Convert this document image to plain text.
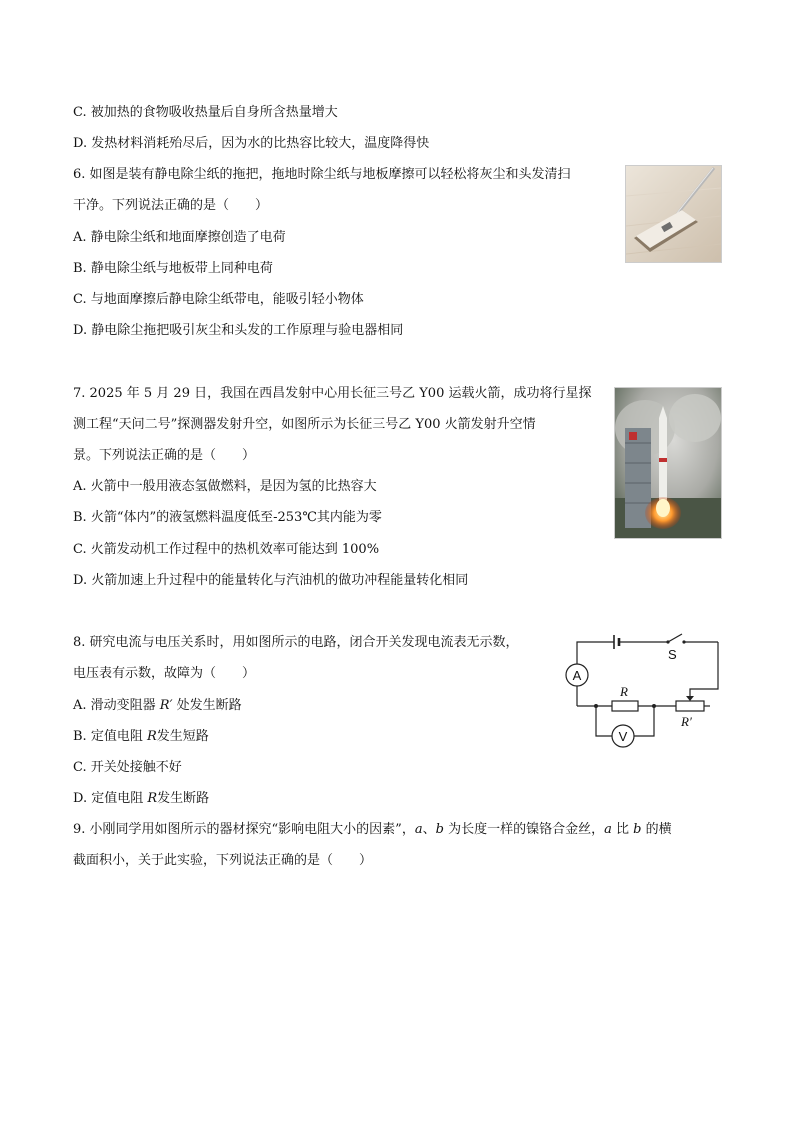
C. 被加热的食物吸收热量后自身所含热量增大
D. 发热材料消耗殆尽后，因为水的比热容比较大，温度降得快
6. 如图是装有静电除尘纸的拖把，拖地时除尘纸与地板摩擦可以轻松将灰尘和头发清扫
干净。下列说法正确的是（　　）
A. 静电除尘纸和地面摩擦创造了电荷
B. 静电除尘纸与地板带上同种电荷
C. 与地面摩擦后静电除尘纸带电，能吸引轻小物体
D. 静电除尘拖把吸引灰尘和头发的工作原理与验电器相同
7. 2025 年 5 月 29 日，我国在西昌发射中心用长征三号乙 Y00 运载火箭，成功将行星探
测工程“天问二号”探测器发射升空，如图所示为长征三号乙 Y00 火箭发射升空情
景。下列说法正确的是（　　）
A. 火箭中一般用液态氢做燃料，是因为氢的比热容大
B. 火箭“体内”的液氢燃料温度低至-253℃其内能为零
C. 火箭发动机工作过程中的热机效率可能达到 100%
D. 火箭加速上升过程中的能量转化与汽油机的做功冲程能量转化相同
8. 研究电流与电压关系时，用如图所示的电路，闭合开关发现电流表无示数，
电压表有示数，故障为（　　）
A. 滑动变阻器 R′ 处发生断路
B. 定值电阻 R发生短路
C. 开关处接触不好
D. 定值电阻 R发生断路
A
V
S
R
R′
9. 小刚同学用如图所示的器材探究“影响电阻大小的因素”，a、b 为长度一样的镍铬合金丝，a 比 b 的横
截面积小，关于此实验，下列说法正确的是（　　）
